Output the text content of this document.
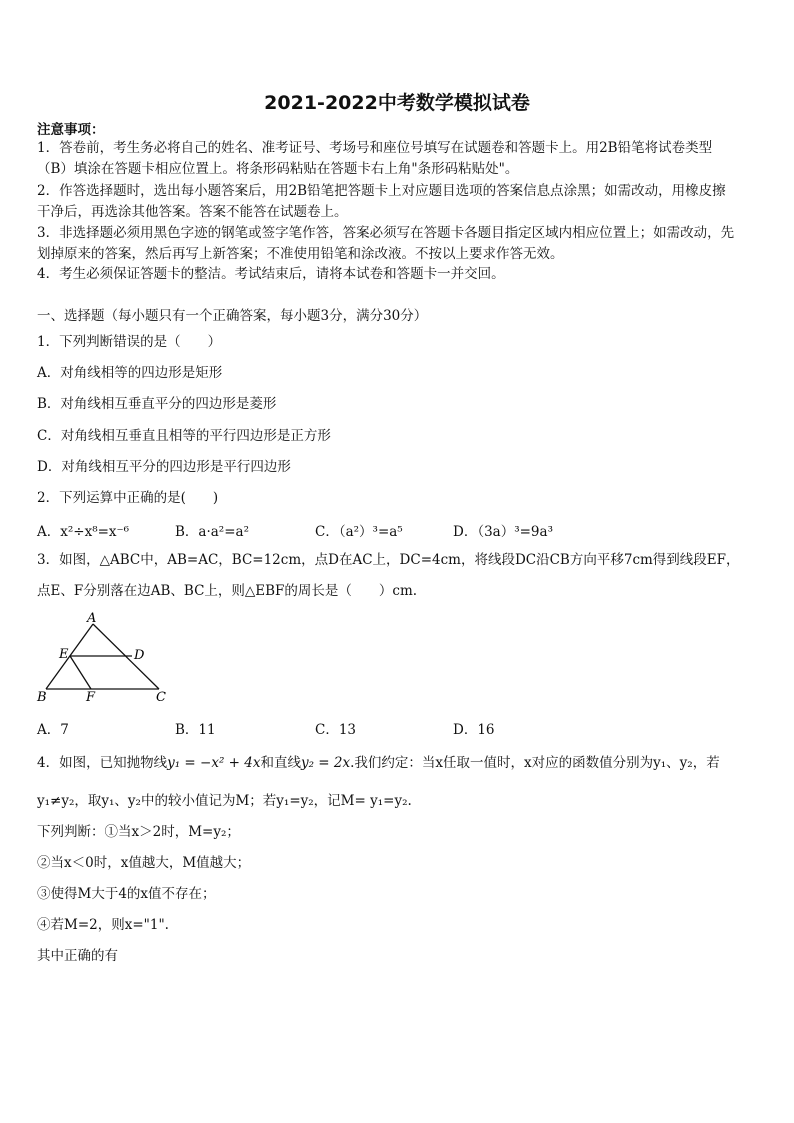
2021-2022中考数学模拟试卷
注意事项：
1．答卷前，考生务必将自己的姓名、准考证号、考场号和座位号填写在试题卷和答题卡上。用2B铅笔将试卷类型
（B）填涂在答题卡相应位置上。将条形码粘贴在答题卡右上角"条形码粘贴处"。
2．作答选择题时，选出每小题答案后，用2B铅笔把答题卡上对应题目选项的答案信息点涂黑；如需改动，用橡皮擦
干净后，再选涂其他答案。答案不能答在试题卷上。
3．非选择题必须用黑色字迹的钢笔或签字笔作答，答案必须写在答题卡各题目指定区域内相应位置上；如需改动，先
划掉原来的答案，然后再写上新答案；不准使用铅笔和涂改液。不按以上要求作答无效。
4．考生必须保证答题卡的整洁。考试结束后，请将本试卷和答题卡一并交回。
一、选择题（每小题只有一个正确答案，每小题3分，满分30分）
1．下列判断错误的是（　　）
A．对角线相等的四边形是矩形
B．对角线相互垂直平分的四边形是菱形
C．对角线相互垂直且相等的平行四边形是正方形
D．对角线相互平分的四边形是平行四边形
2．下列运算中正确的是(　　)
A．x²÷x⁸=x⁻⁶	B．a·a²=a²	C．（a²）³=a⁵	D．（3a）³=9a³
3．如图，△ABC中，AB=AC，BC=12cm，点D在AC上，DC=4cm，将线段DC沿CB方向平移7cm得到线段EF，
点E、F分别落在边AB、BC上，则△EBF的周长是（　　）cm.
A
E	D
B	F	C
A．7	B．11	C．13	D．16
4．如图，已知抛物线y₁ = −x² + 4x和直线y₂ = 2x.我们约定：当x任取一值时，x对应的函数值分别为y₁、y₂，若
y₁≠y₂，取y₁、y₂中的较小值记为M；若y₁=y₂，记M= y₁=y₂.
下列判断：①当x＞2时，M=y₂；
②当x＜0时，x值越大，M值越大；
③使得M大于4的x值不存在；
④若M=2，则x="1".
其中正确的有
